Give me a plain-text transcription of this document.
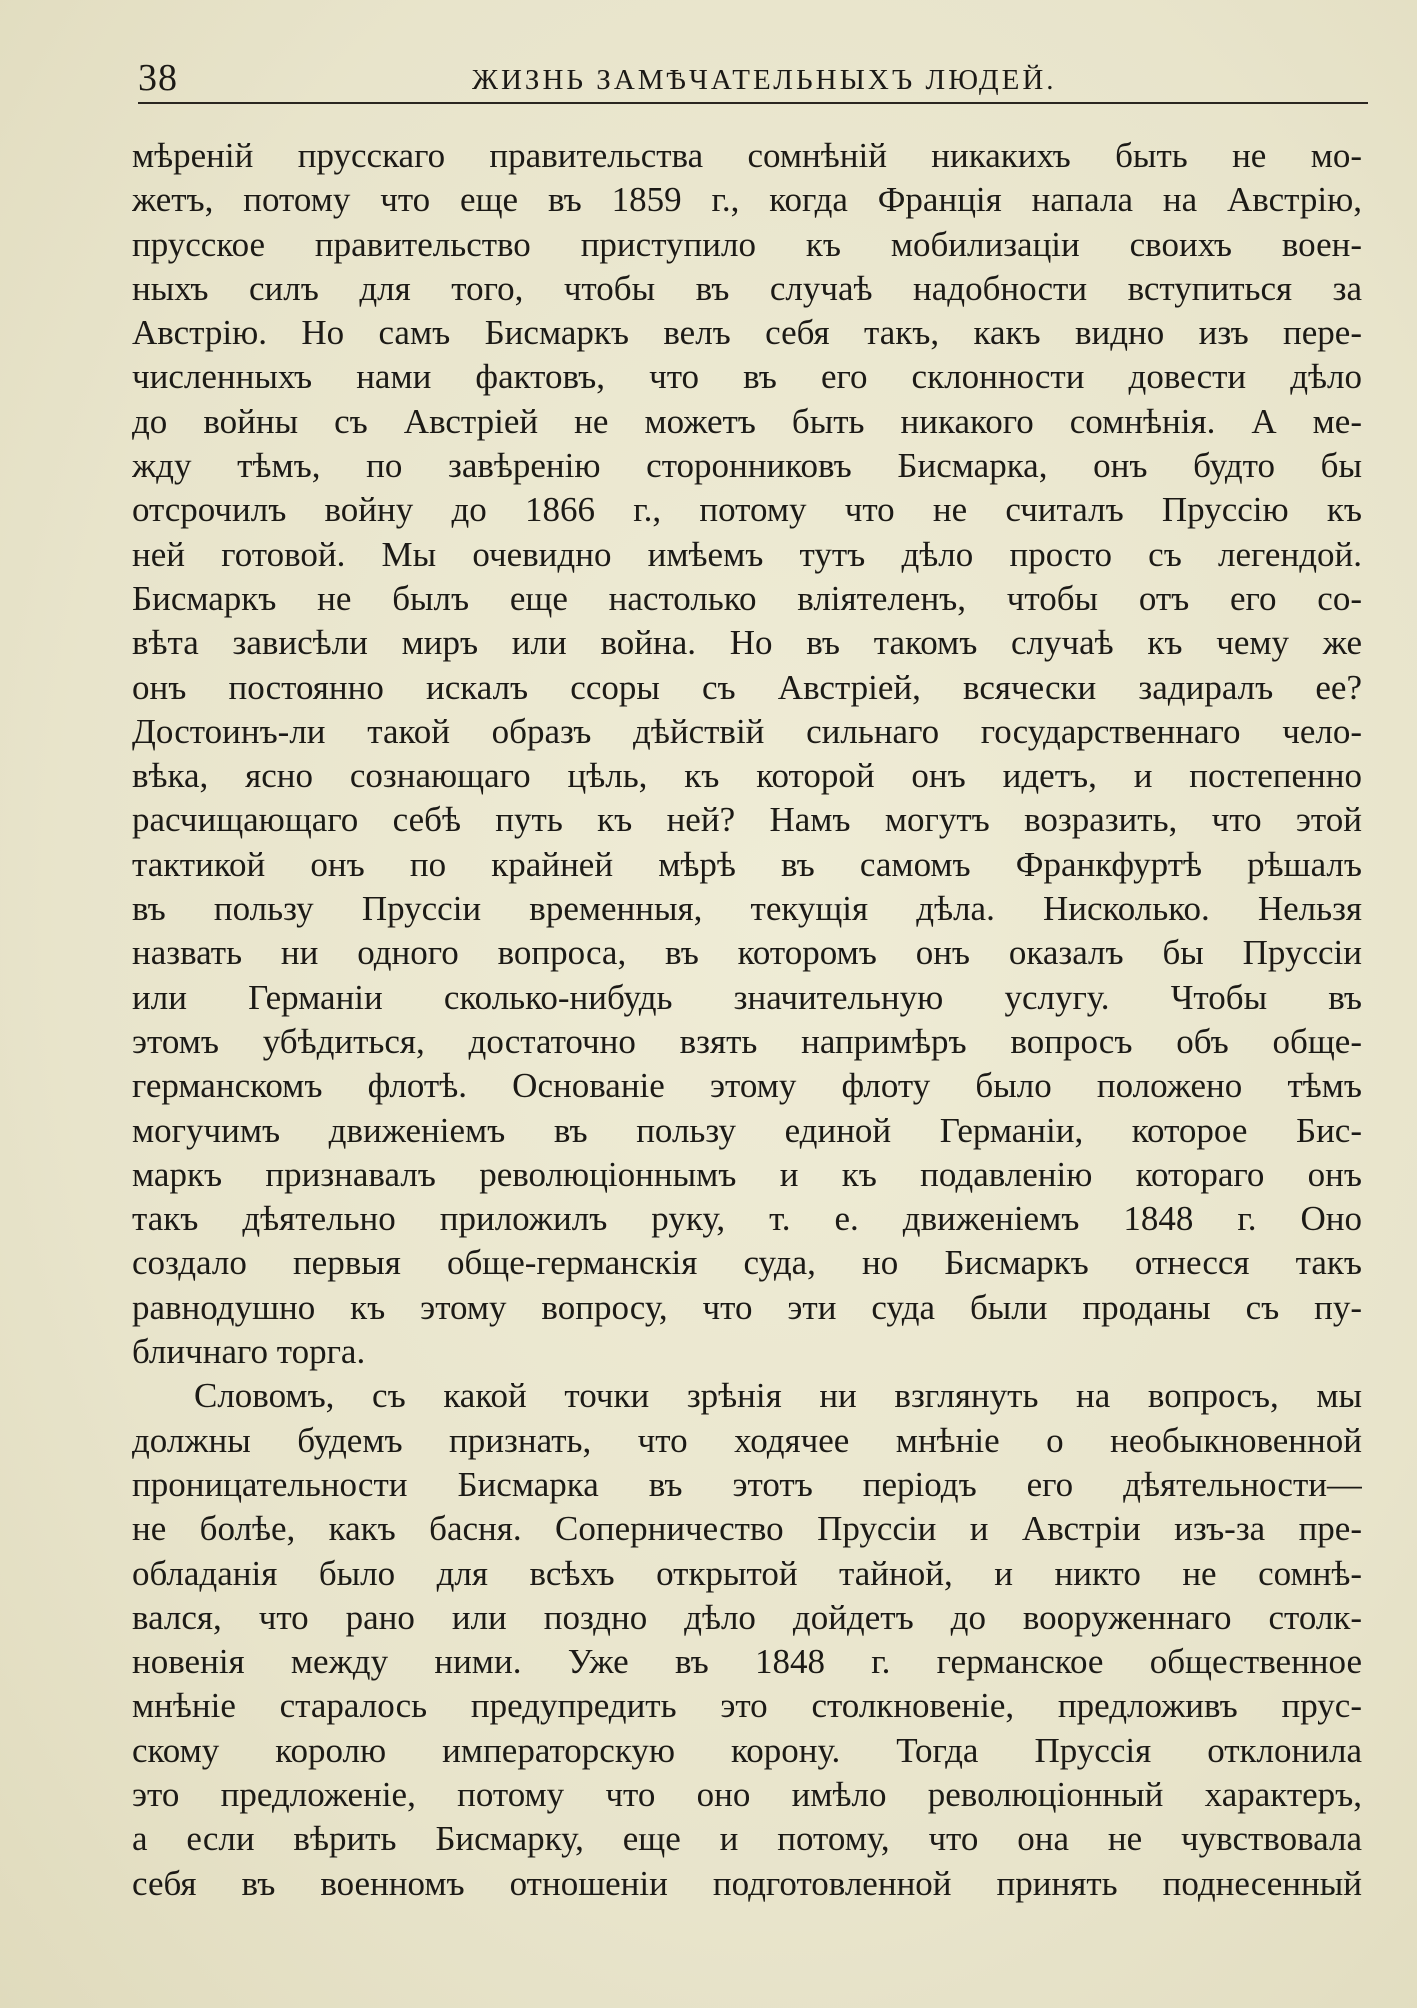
38	ЖИЗНЬ ЗАМѢЧАТЕЛЬНЫХЪ ЛЮДЕЙ.
мѣреній прусскаго правительства сомнѣній никакихъ быть не мо-
жетъ, потому что еще въ 1859 г., когда Франція напала на Австрію,
прусское правительство приступило къ мобилизаціи своихъ воен-
ныхъ силъ для того, чтобы въ случаѣ надобности вступиться за
Австрію. Но самъ Бисмаркъ велъ себя такъ, какъ видно изъ пере-
численныхъ нами фактовъ, что въ его склонности довести дѣло
до войны съ Австріей не можетъ быть никакого сомнѣнія. А ме-
жду тѣмъ, по завѣренію сторонниковъ Бисмарка, онъ будто бы
отсрочилъ войну до 1866 г., потому что не считалъ Пруссію къ
ней готовой. Мы очевидно имѣемъ тутъ дѣло просто съ легендой.
Бисмаркъ не былъ еще настолько вліятеленъ, чтобы отъ его со-
вѣта зависѣли миръ или война. Но въ такомъ случаѣ къ чему же
онъ постоянно искалъ ссоры съ Австріей, всячески задиралъ ее?
Достоинъ-ли такой образъ дѣйствій сильнаго государственнаго чело-
вѣка, ясно сознающаго цѣль, къ которой онъ идетъ, и постепенно
расчищающаго себѣ путь къ ней? Намъ могутъ возразить, что этой
тактикой онъ по крайней мѣрѣ въ самомъ Франкфуртѣ рѣшалъ
въ пользу Пруссіи временныя, текущія дѣла. Нисколько. Нельзя
назвать ни одного вопроса, въ которомъ онъ оказалъ бы Пруссіи
или Германіи сколько-нибудь значительную услугу. Чтобы въ
этомъ убѣдиться, достаточно взять напримѣръ вопросъ объ обще-
германскомъ флотѣ. Основаніе этому флоту было положено тѣмъ
могучимъ движеніемъ въ пользу единой Германіи, которое Бис-
маркъ признавалъ революціоннымъ и къ подавленію котораго онъ
такъ дѣятельно приложилъ руку, т. е. движеніемъ 1848 г. Оно
создало первыя обще-германскія суда, но Бисмаркъ отнесся такъ
равнодушно къ этому вопросу, что эти суда были проданы съ пу-
бличнаго торга.
Словомъ, съ какой точки зрѣнія ни взглянуть на вопросъ, мы
должны будемъ признать, что ходячее мнѣніе о необыкновенной
проницательности Бисмарка въ этотъ періодъ его дѣятельности—
не болѣе, какъ басня. Соперничество Пруссіи и Австріи изъ-за пре-
обладанія было для всѣхъ открытой тайной, и никто не сомнѣ-
вался, что рано или поздно дѣло дойдетъ до вооруженнаго столк-
новенія между ними. Уже въ 1848 г. германское общественное
мнѣніе старалось предупредить это столкновеніе, предложивъ прус-
скому королю императорскую корону. Тогда Пруссія отклонила
это предложеніе, потому что оно имѣло революціонный характеръ,
а если вѣрить Бисмарку, еще и потому, что она не чувствовала
себя въ военномъ отношеніи подготовленной принять поднесенный
